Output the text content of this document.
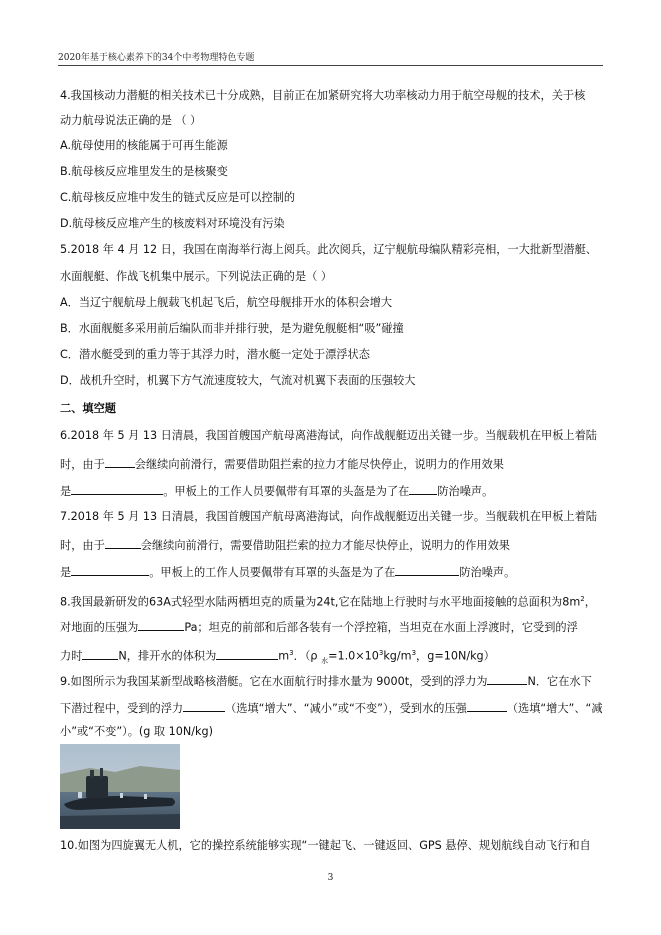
2020年基于核心素养下的34个中考物理特色专题
4.我国核动力潜艇的相关技术已十分成熟，目前正在加紧研究将大功率核动力用于航空母舰的技术，关于核
动力航母说法正确的是 （ ）
A.航母使用的核能属于可再生能源
B.航母核反应堆里发生的是核聚变
C.航母核反应堆中发生的链式反应是可以控制的
D.航母核反应堆产生的核废料对环境没有污染
5.2018 年 4 月 12 日，我国在南海举行海上阅兵。此次阅兵，辽宁舰航母编队精彩亮相，一大批新型潜艇、
水面舰艇、作战飞机集中展示。下列说法正确的是（ ）
A．当辽宁舰航母上舰载飞机起飞后，航空母舰排开水的体积会增大
B．水面舰艇多采用前后编队而非并排行驶，是为避免舰艇相“吸”碰撞
C．潜水艇受到的重力等于其浮力时，潜水艇一定处于漂浮状态
D．战机升空时，机翼下方气流速度较大，气流对机翼下表面的压强较大
二、填空题
6.2018 年 5 月 13 日清晨，我国首艘国产航母离港海试，向作战舰艇迈出关键一步。当舰载机在甲板上着陆
时，由于	会继续向前滑行，需要借助阻拦索的拉力才能尽快停止，说明力的作用效果
是	。甲板上的工作人员要佩带有耳罩的头盔是为了在	防治噪声。
7.2018 年 5 月 13 日清晨，我国首艘国产航母离港海试，向作战舰艇迈出关键一步。当舰载机在甲板上着陆
时，由于	会继续向前滑行，需要借助阻拦索的拉力才能尽快停止，说明力的作用效果
是	。甲板上的工作人员要佩带有耳罩的头盔是为了在	防治噪声。
8.我国最新研发的63A式轻型水陆两栖坦克的质量为24t,它在陆地上行驶时与水平地面接触的总面积为$8m^2$，
对地面的压强为	Pa；坦克的前部和后部各装有一个浮控箱，当坦克在水面上浮渡时，它受到的浮
力时	N，排开水的体积为	$m^3$．（ρ $_水=1.0\times 10^3kg/m^3$，g=10N/kg）
9.如图所示为我国某新型战略核潜艇。它在水面航行时排水量为 9000t，受到的浮力为	N．它在水下
下潜过程中，受到的浮力	（选填“增大”、“减小”或“不变”），受到水的压强	（选填“增大”、“减
小”或“不变”）。(g 取 10N/kg)
10.如图为四旋翼无人机，它的操控系统能够实现“一键起飞、一键返回、GPS 悬停、规划航线自动飞行和自
3
